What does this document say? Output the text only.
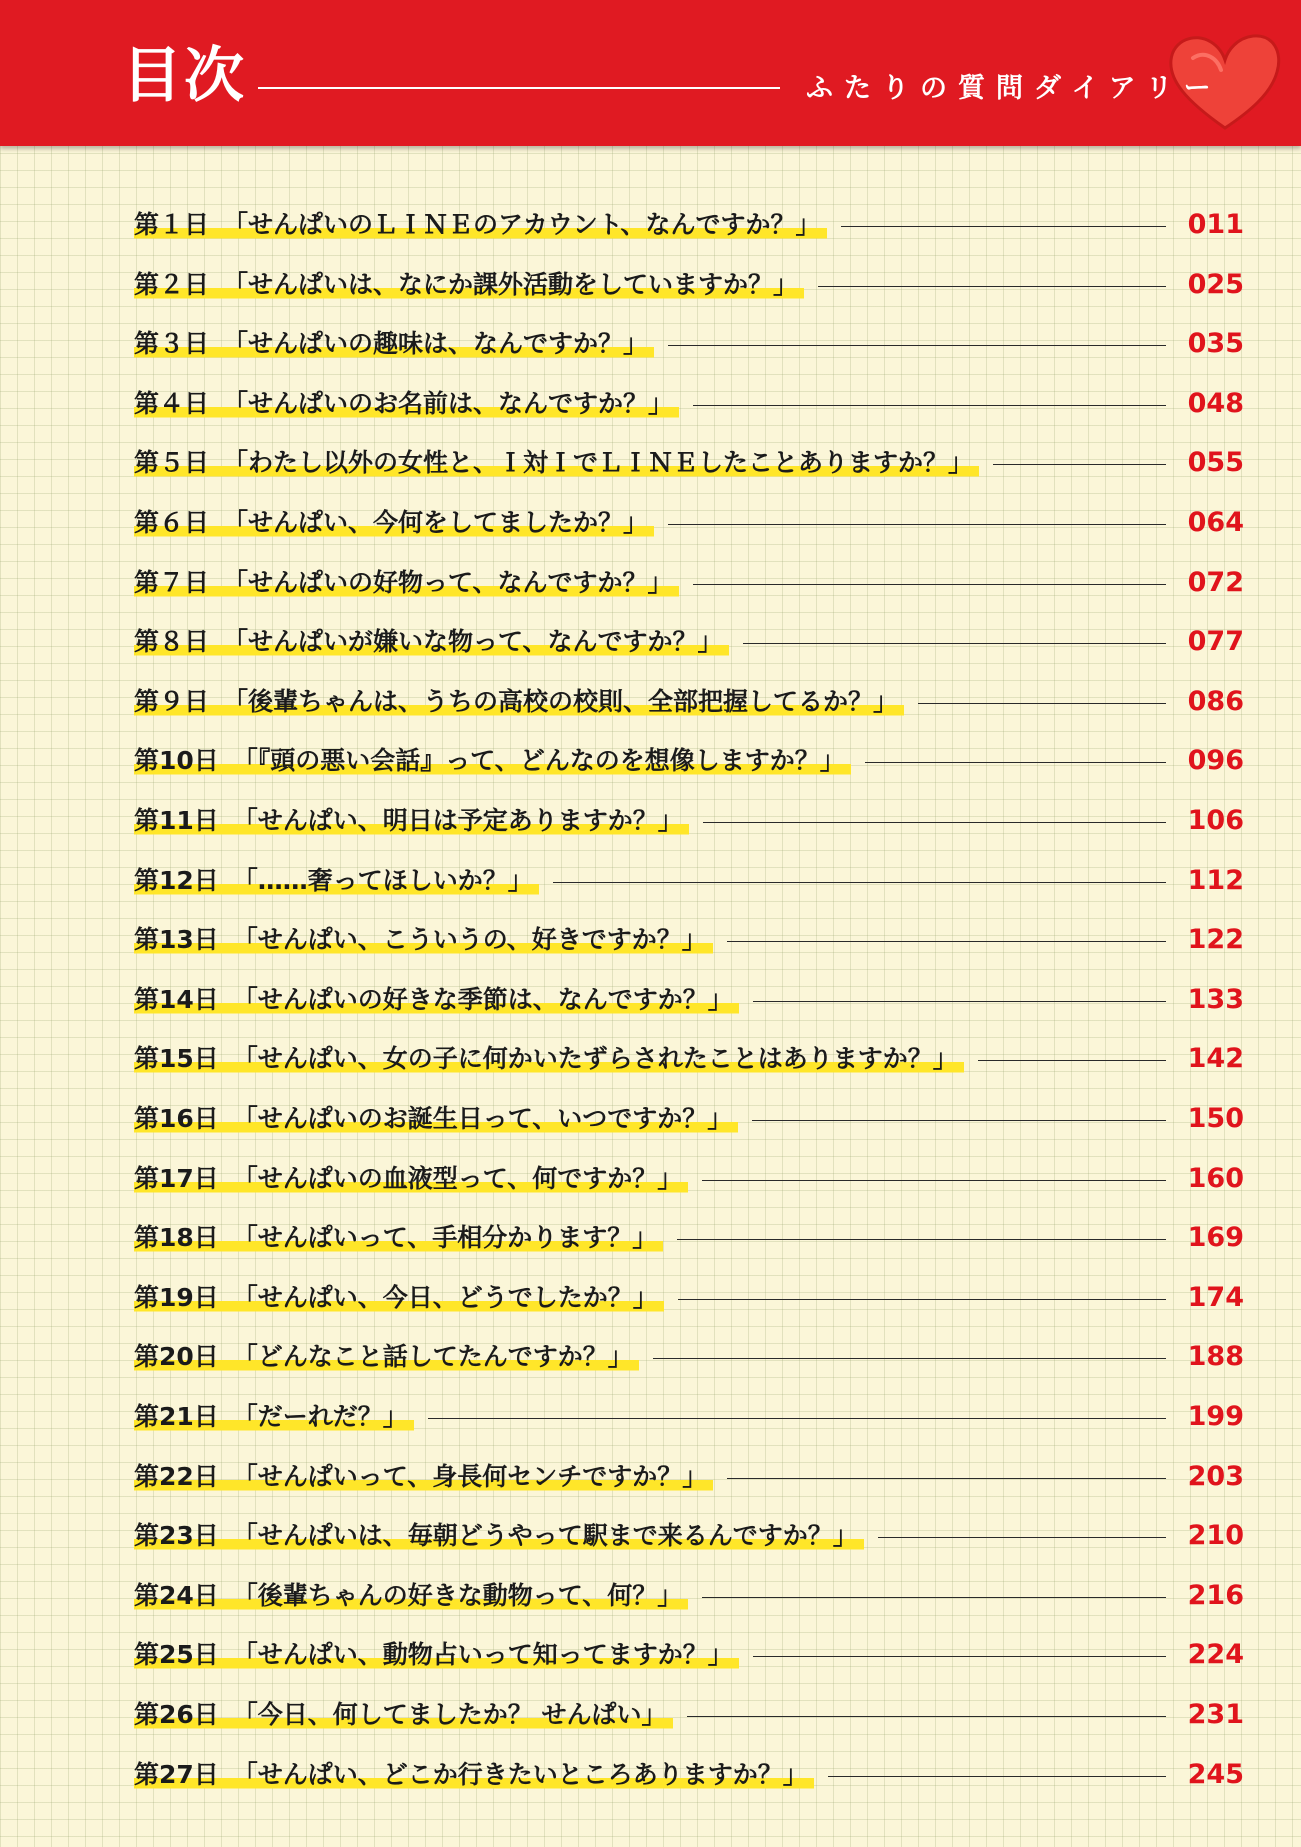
目次	ふたりの質問ダイアリー
第１日 「せんぱいのＬＩＮＥのアカウント、なんですか？」	011
第２日 「せんぱいは、なにか課外活動をしていますか？」	025
第３日 「せんぱいの趣味は、なんですか？」	035
第４日 「せんぱいのお名前は、なんですか？」	048
第５日 「わたし以外の女性と、Ｉ対ＩでＬＩＮＥしたことありますか？」	055
第６日 「せんぱい、今何をしてましたか？」	064
第７日 「せんぱいの好物って、なんですか？」	072
第８日 「せんぱいが嫌いな物って、なんですか？」	077
第９日 「後輩ちゃんは、うちの高校の校則、全部把握してるか？」	086
第10日 「『頭の悪い会話』って、どんなのを想像しますか？」	096
第11日 「せんぱい、明日は予定ありますか？」	106
第12日 「……奢ってほしいか？」	112
第13日 「せんぱい、こういうの、好きですか？」	122
第14日 「せんぱいの好きな季節は、なんですか？」	133
第15日 「せんぱい、女の子に何かいたずらされたことはありますか？」	142
第16日 「せんぱいのお誕生日って、いつですか？」	150
第17日 「せんぱいの血液型って、何ですか？」	160
第18日 「せんぱいって、手相分かります？」	169
第19日 「せんぱい、今日、どうでしたか？」	174
第20日 「どんなこと話してたんですか？」	188
第21日 「だーれだ？」	199
第22日 「せんぱいって、身長何センチですか？」	203
第23日 「せんぱいは、毎朝どうやって駅まで来るんですか？」	210
第24日 「後輩ちゃんの好きな動物って、何？」	216
第25日 「せんぱい、動物占いって知ってますか？」	224
第26日 「今日、何してましたか？ せんぱい」	231
第27日 「せんぱい、どこか行きたいところありますか？」	245
